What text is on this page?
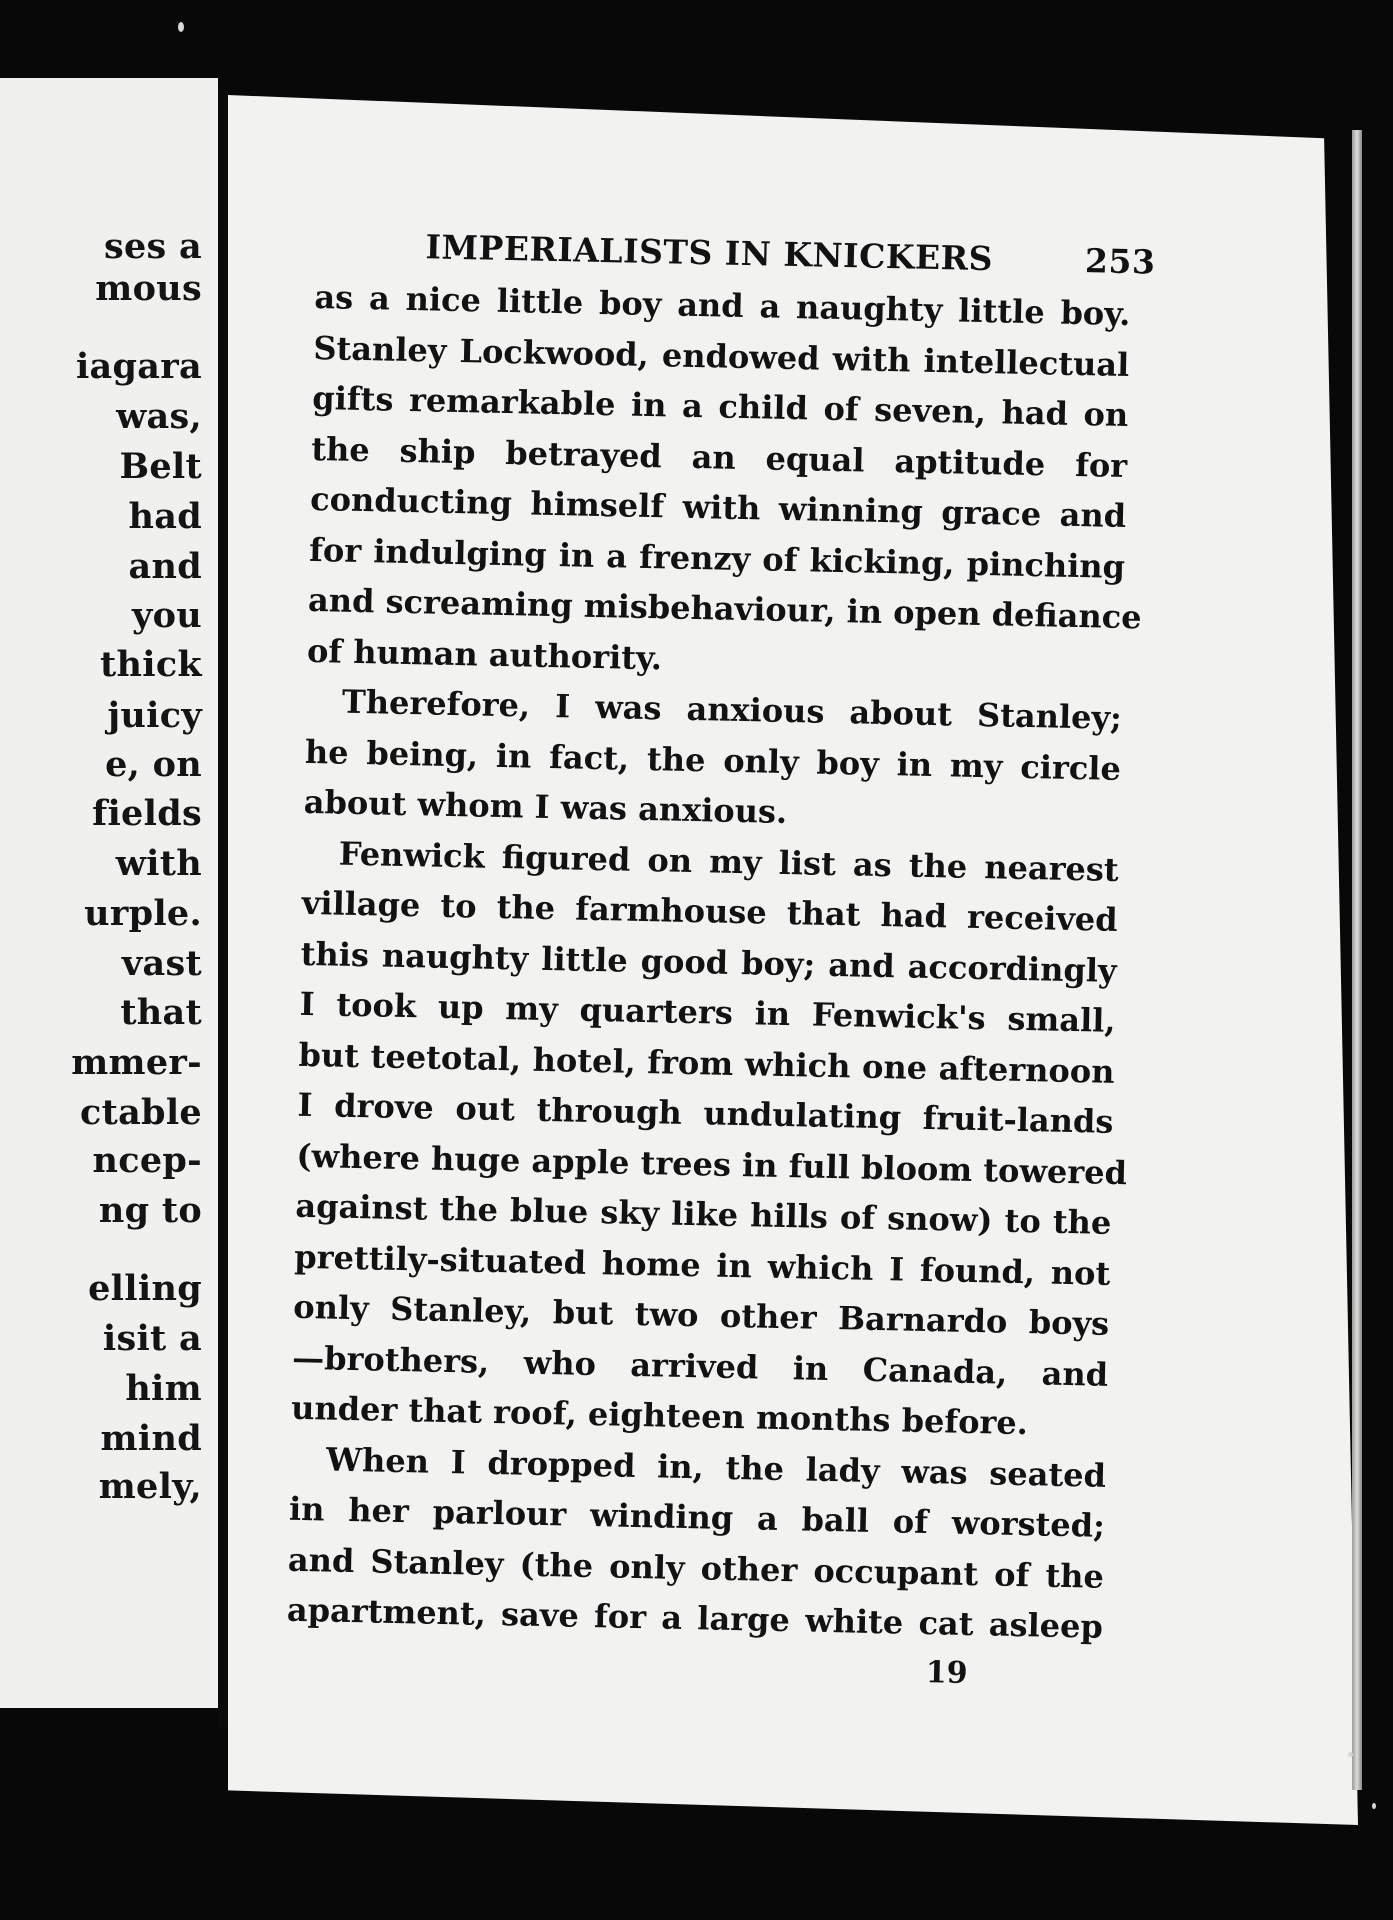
ses a
mous
iagara
was,
Belt
had
and
you
thick
juicy
e, on
fields
with
urple.
vast
that
mmer-
ctable
ncep-
ng to
elling
isit a
him
mind
mely,
IMPERIALISTS IN KNICKERS	253
as a nice little boy and a naughty little boy.
Stanley Lockwood, endowed with intellectual
gifts remarkable in a child of seven, had on
the ship betrayed an equal aptitude for
conducting himself with winning grace and
for indulging in a frenzy of kicking, pinching
and screaming misbehaviour, in open defiance
of human authority.
Therefore, I was anxious about Stanley;
he being, in fact, the only boy in my circle
about whom I was anxious.
Fenwick figured on my list as the nearest
village to the farmhouse that had received
this naughty little good boy; and accordingly
I took up my quarters in Fenwick's small,
but teetotal, hotel, from which one afternoon
I drove out through undulating fruit-lands
(where huge apple trees in full bloom towered
against the blue sky like hills of snow) to the
prettily-situated home in which I found, not
only Stanley, but two other Barnardo boys
—brothers, who arrived in Canada, and
under that roof, eighteen months before.
When I dropped in, the lady was seated
in her parlour winding a ball of worsted;
and Stanley (the only other occupant of the
apartment, save for a large white cat asleep
19
